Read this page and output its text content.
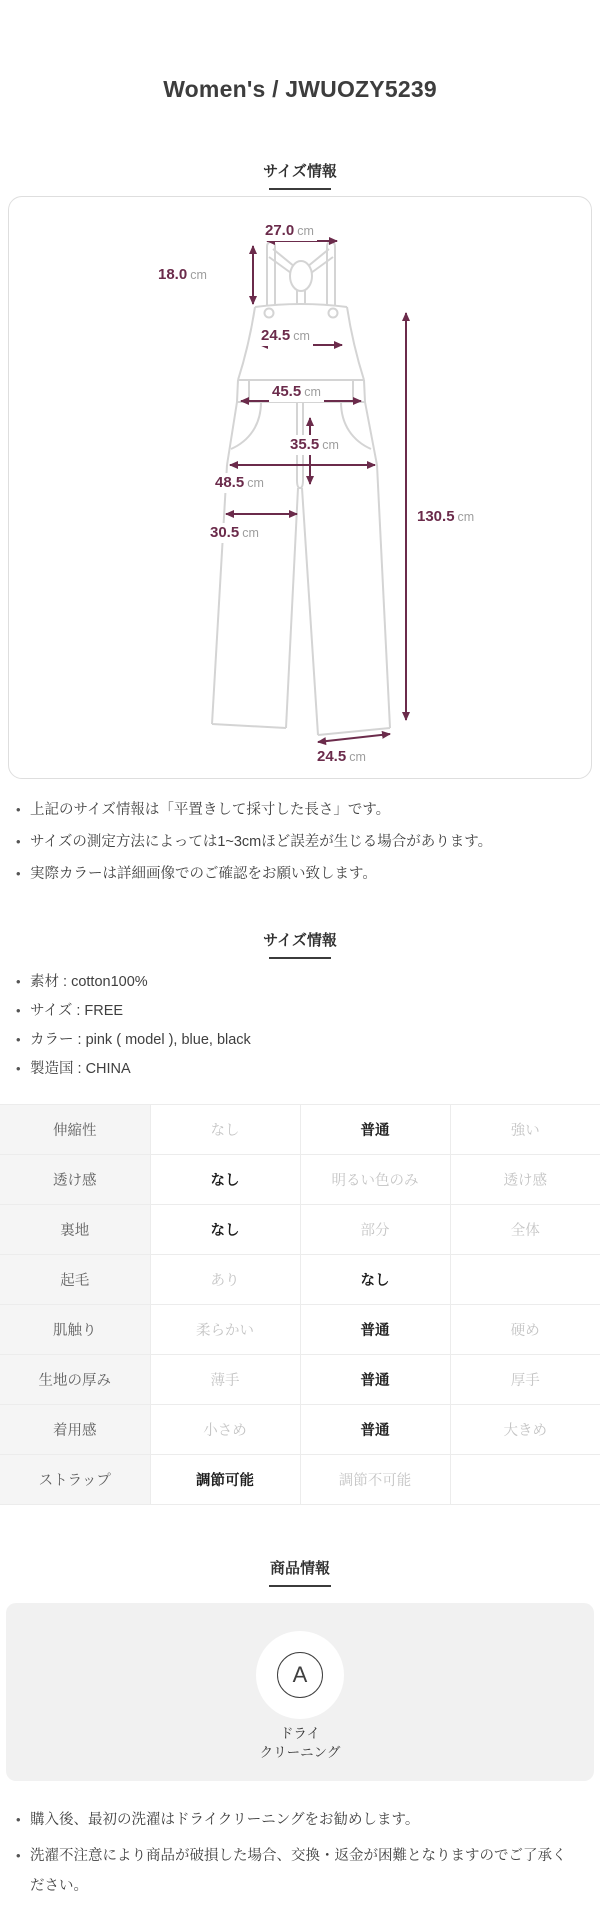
Women's / JWUOZY5239
サイズ情報
27.0 cm
18.0 cm
24.5 cm
45.5 cm
35.5 cm
48.5 cm
30.5 cm
130.5 cm
24.5 cm
• 上記のサイズ情報は「平置きして採寸した長さ」です。
• サイズの測定方法によっては1~3cmほど誤差が生じる場合があります。
• 実際カラーは詳細画像でのご確認をお願い致します。
サイズ情報
• 素材 : cotton100%
• サイズ : FREE
• カラー : pink ( model ), blue, black
• 製造国 : CHINA
伸縮性	なし	普通	強い
透け感	なし	明るい色のみ	透け感
裏地	なし	部分	全体
起毛	あり	なし	
肌触り	柔らかい	普通	硬め
生地の厚み	薄手	普通	厚手
着用感	小さめ	普通	大きめ
ストラップ	調節可能	調節不可能	
商品情報
A
ドライ
クリーニング
• 購入後、最初の洗濯はドライクリーニングをお勧めします。
• 洗濯不注意により商品が破損した場合、交換・返金が困難となりますのでご了承ください。
